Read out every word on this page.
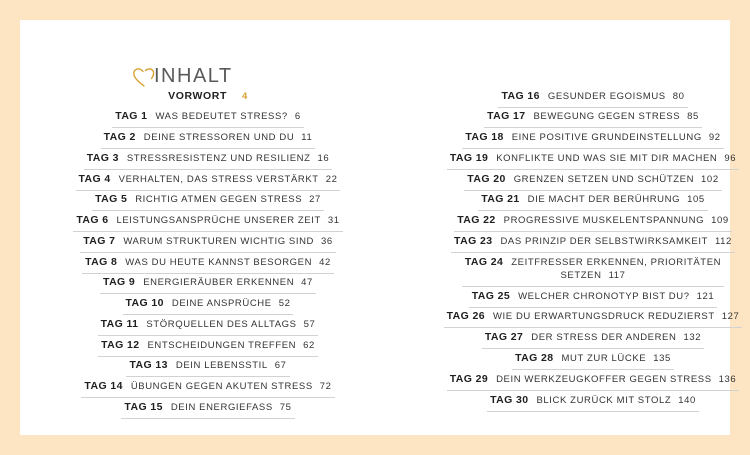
INHALT
VORWORT 4
TAG 1 WAS BEDEUTET STRESS? 6
TAG 2 DEINE STRESSOREN UND DU 11
TAG 3 STRESSRESISTENZ UND RESILIENZ 16
TAG 4 VERHALTEN, DAS STRESS VERSTÄRKT 22
TAG 5 RICHTIG ATMEN GEGEN STRESS 27
TAG 6 LEISTUNGSANSPRÜCHE UNSERER ZEIT 31
TAG 7 WARUM STRUKTUREN WICHTIG SIND 36
TAG 8 WAS DU HEUTE KANNST BESORGEN 42
TAG 9 ENERGIERÄUBER ERKENNEN 47
TAG 10 DEINE ANSPRÜCHE 52
TAG 11 STÖRQUELLEN DES ALLTAGS 57
TAG 12 ENTSCHEIDUNGEN TREFFEN 62
TAG 13 DEIN LEBENSSTIL 67
TAG 14 ÜBUNGEN GEGEN AKUTEN STRESS 72
TAG 15 DEIN ENERGIEFASS 75
TAG 16 GESUNDER EGOISMUS 80
TAG 17 BEWEGUNG GEGEN STRESS 85
TAG 18 EINE POSITIVE GRUNDEINSTELLUNG 92
TAG 19 KONFLIKTE UND WAS SIE MIT DIR MACHEN 96
TAG 20 GRENZEN SETZEN UND SCHÜTZEN 102
TAG 21 DIE MACHT DER BERÜHRUNG 105
TAG 22 PROGRESSIVE MUSKELENTSPANNUNG 109
TAG 23 DAS PRINZIP DER SELBSTWIRKSAMKEIT 112
TAG 24 ZEITFRESSER ERKENNEN, PRIORITÄTEN
SETZEN 117
TAG 25 WELCHER CHRONOTYP BIST DU? 121
TAG 26 WIE DU ERWARTUNGSDRUCK REDUZIERST 127
TAG 27 DER STRESS DER ANDEREN 132
TAG 28 MUT ZUR LÜCKE 135
TAG 29 DEIN WERKZEUGKOFFER GEGEN STRESS 136
TAG 30 BLICK ZURÜCK MIT STOLZ 140
